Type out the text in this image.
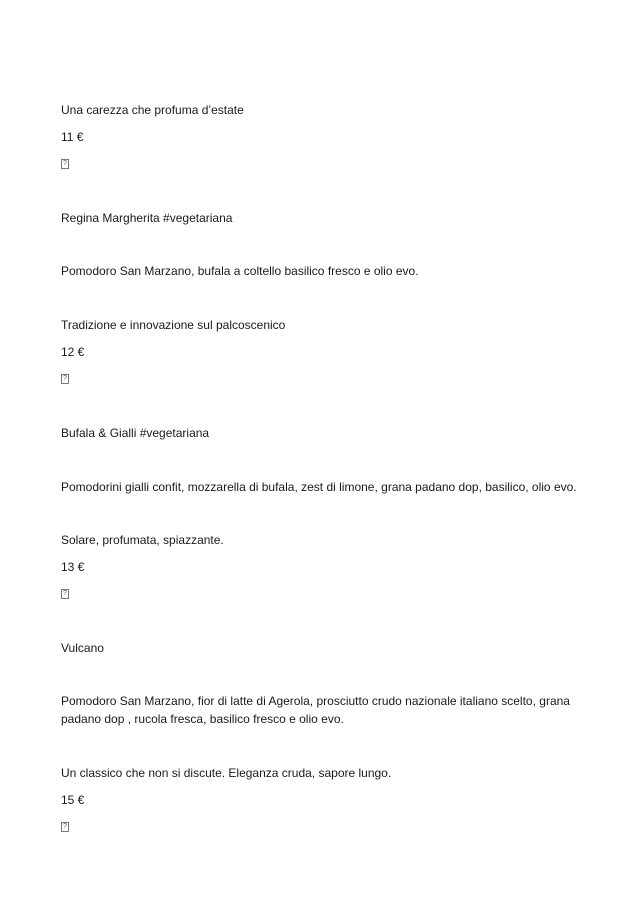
Una carezza che profuma d’estate
11 €
?
Regina Margherita #vegetariana
Pomodoro San Marzano, bufala a coltello basilico fresco e olio evo.
Tradizione e innovazione sul palcoscenico
12 €
?
Bufala & Gialli #vegetariana
Pomodorini gialli confit, mozzarella di bufala, zest di limone, grana padano dop, basilico, olio evo.
Solare, profumata, spiazzante.
13 €
?
Vulcano
Pomodoro San Marzano, fior di latte di Agerola, prosciutto crudo nazionale italiano scelto, grana padano dop , rucola fresca, basilico fresco e olio evo.
Un classico che non si discute. Eleganza cruda, sapore lungo.
15 €
?
